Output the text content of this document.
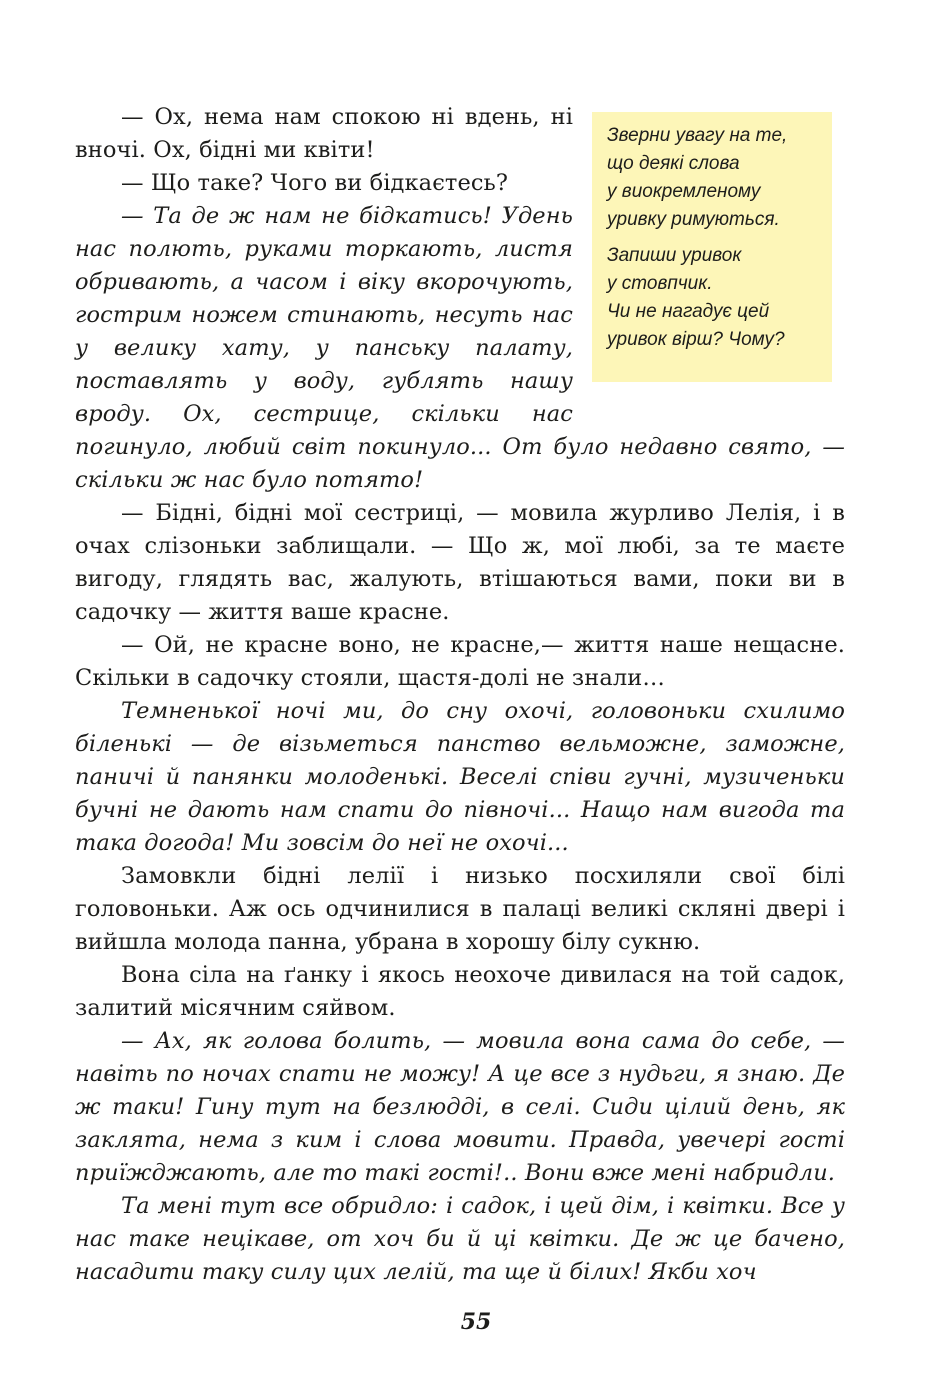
— Ох, нема нам спокою ні вдень, ні вночі. Ох, бідні ми квіти!

— Що таке? Чого ви бідкаєтесь?

— Та де ж нам не бідкатись! Удень нас полють, руками торкають, листя обривають, а часом і віку вкорочують, гострим ножем стинають, несуть нас у велику хату, у панську палату, поставлять у воду, гублять нашу вроду. Ох, сестрице, скільки нас погинуло, любий світ покинуло... От було недавно свято, — скільки ж нас було потято!

— Бідні, бідні мої сестриці, — мовила журливо Лелія, і в очах слізоньки заблищали. — Що ж, мої любі, за те маєте вигоду, глядять вас, жалують, втішаються вами, поки ви в садочку — життя ваше красне.

— Ой, не красне воно, не красне,— життя наше нещасне. Скільки в садочку стояли, щастя-долі не знали…

Темненької ночі ми, до сну охочі, головоньки схилимо біленькі — де візьметься панство вельможне, заможне, паничі й панянки молоденькі. Веселі співи гучні, музиченьки бучні не дають нам спати до півночі... Нащо нам вигода та така догода! Ми зовсім до неї не охочі...

Замовкли бідні лелії і низько посхиляли свої білі головоньки. Аж ось одчинилися в палаці великі скляні двері і вийшла молода панна, убрана в хорошу білу сукню.

Вона сіла на ґанку і якось неохоче дивилася на той садок, залитий місячним сяйвом.

— Ах, як голова болить, — мовила вона сама до себе, — навіть по ночах спати не можу! А це все з нудьги, я знаю. Де ж таки! Гину тут на безлюдді, в селі. Сиди цілий день, як заклята, нема з ким і слова мовити. Правда, увечері гості приїжджають, але то такі гості!.. Вони вже мені набридли.

Та мені тут все обридло: і садок, і цей дім, і квітки. Все у нас таке нецікаве, от хоч би й ці квітки. Де ж це бачено, насадити таку силу цих лелій, та ще й білих! Якби хоч

Зверни увагу на те,
що деякі слова
у виокремленому
уривку римуються.

Запиши уривок
у стовпчик.
Чи не нагадує цей
уривок вірш? Чому?

55
